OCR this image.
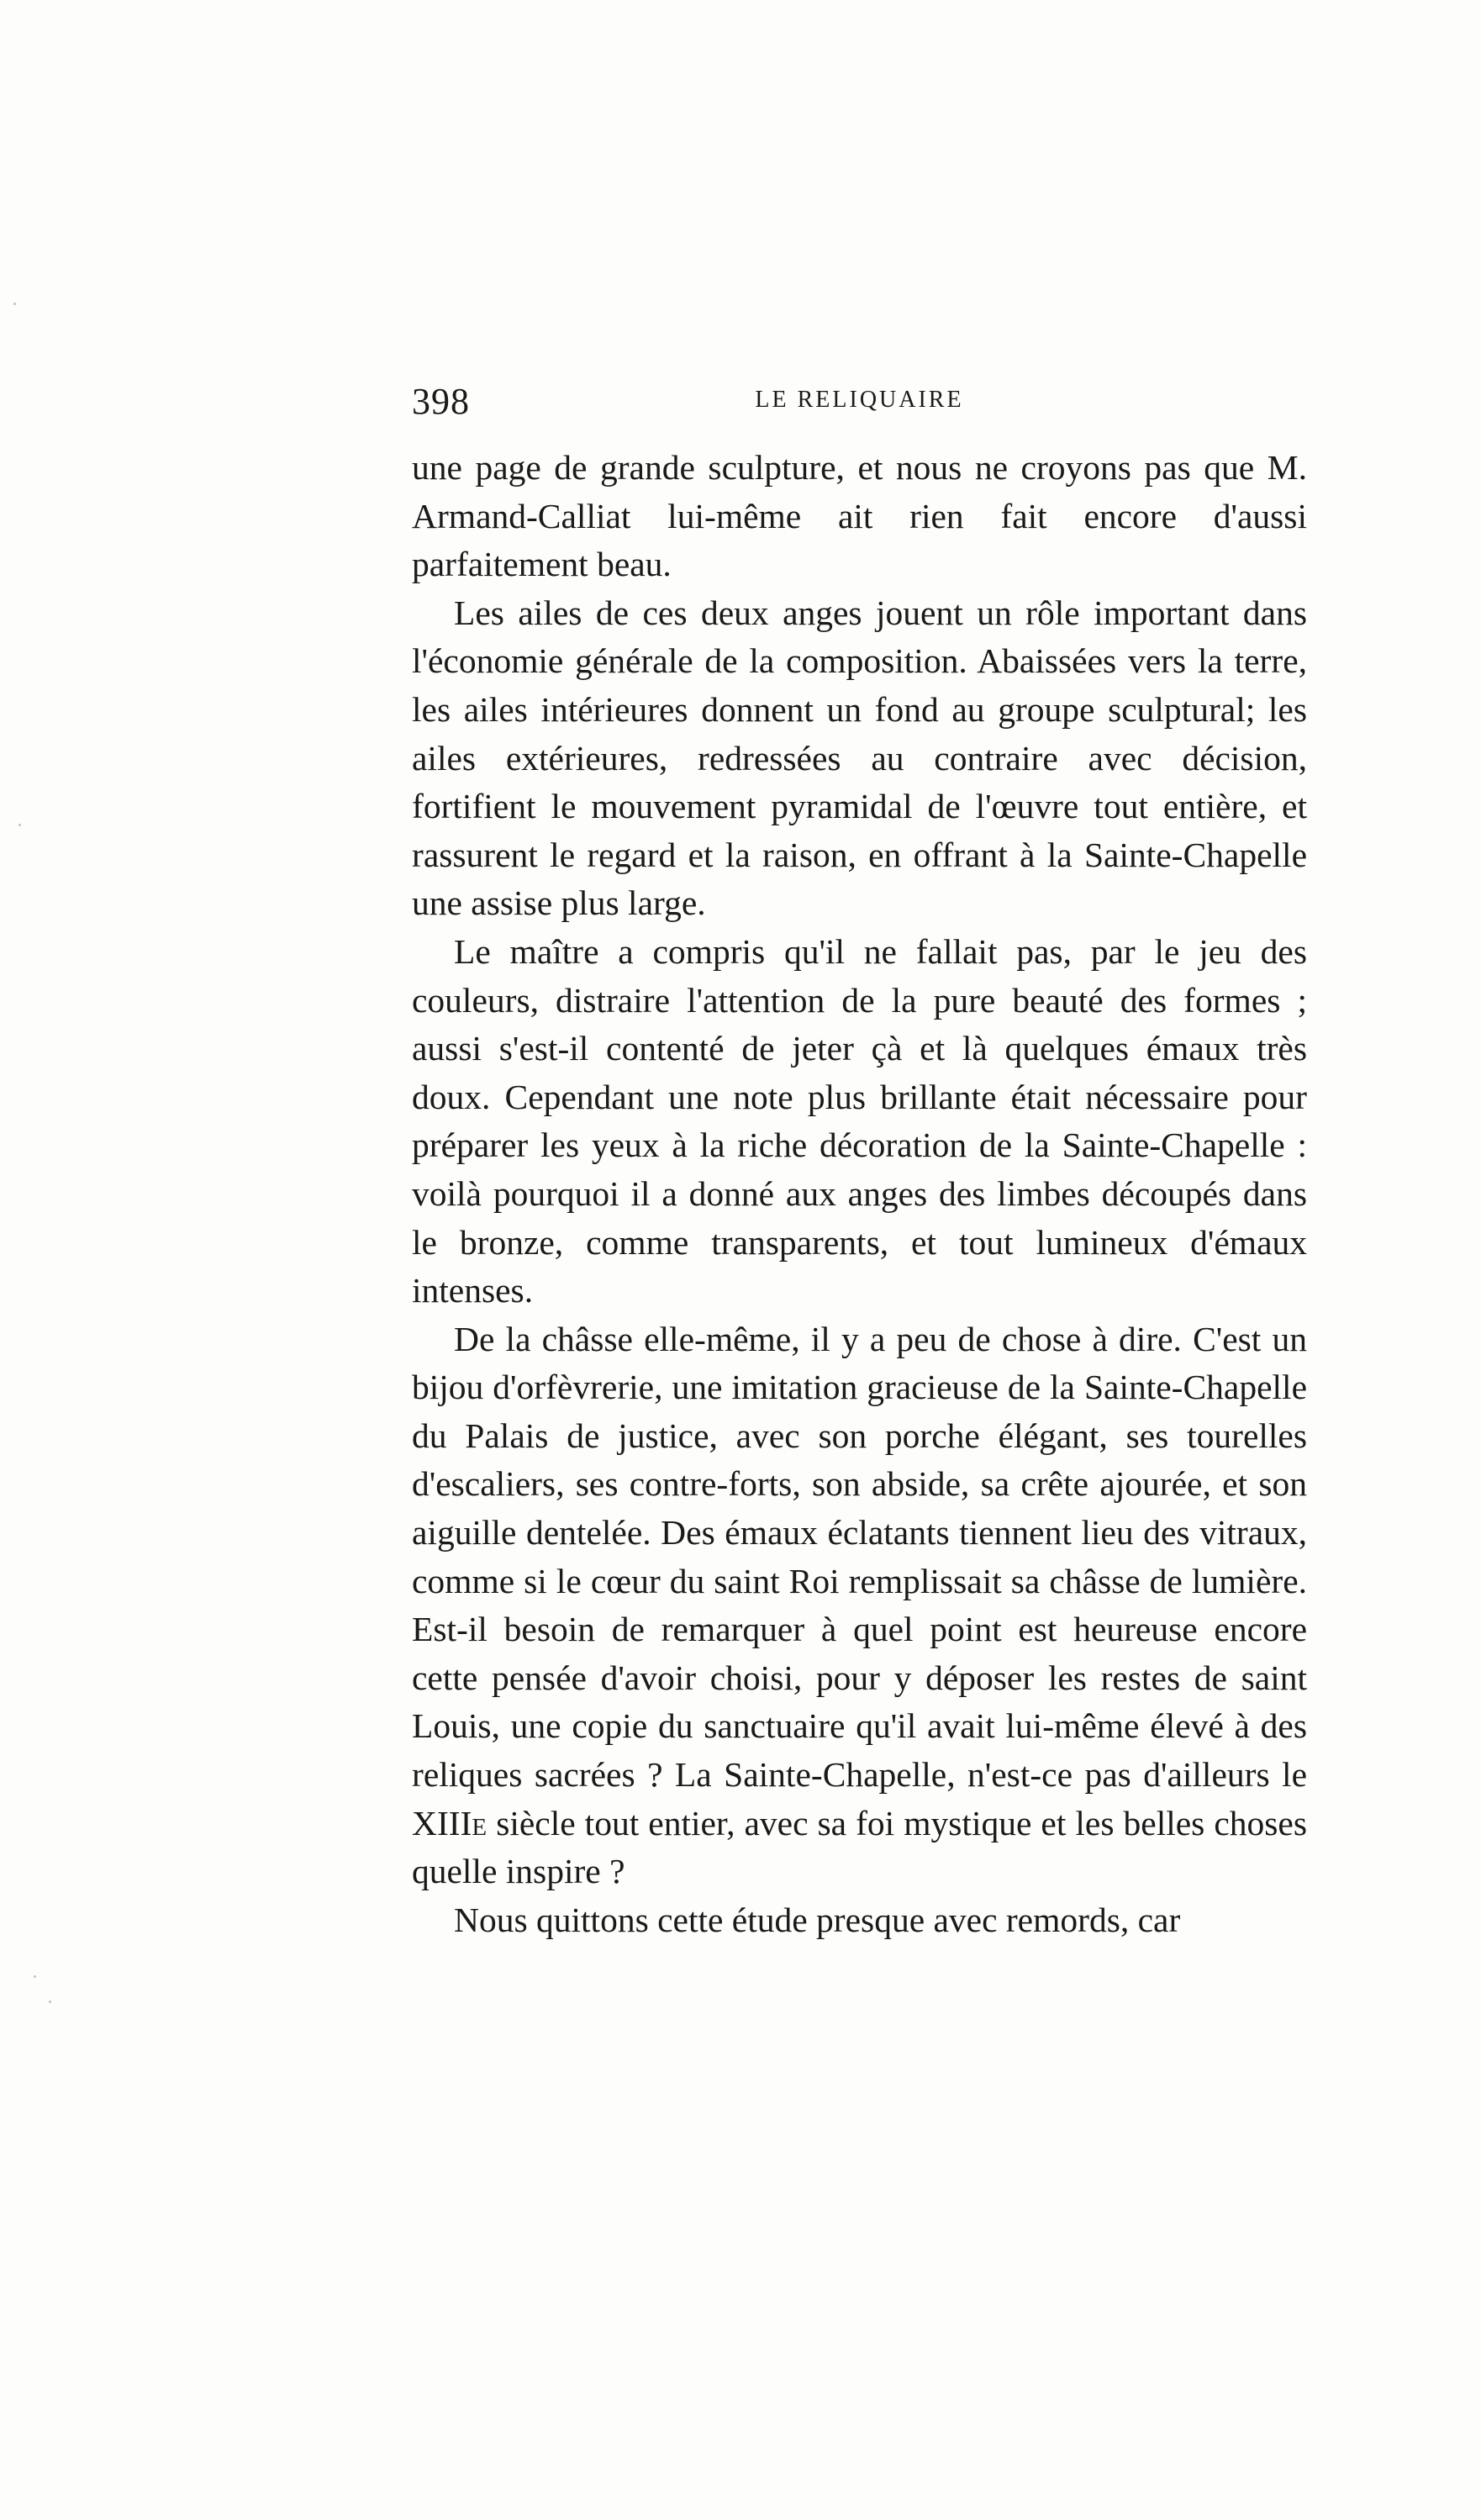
398	LE RELIQUAIRE

une page de grande sculpture, et nous ne croyons pas que M. Armand-Calliat lui-même ait rien fait encore d'aussi parfaitement beau.

Les ailes de ces deux anges jouent un rôle important dans l'économie générale de la composition. Abaissées vers la terre, les ailes intérieures donnent un fond au groupe sculptural; les ailes extérieures, redressées au contraire avec décision, fortifient le mouvement pyramidal de l'œuvre tout entière, et rassurent le regard et la raison, en offrant à la Sainte-Chapelle une assise plus large.

Le maître a compris qu'il ne fallait pas, par le jeu des couleurs, distraire l'attention de la pure beauté des formes ; aussi s'est-il contenté de jeter çà et là quelques émaux très doux. Cependant une note plus brillante était nécessaire pour préparer les yeux à la riche décoration de la Sainte-Chapelle : voilà pourquoi il a donné aux anges des limbes découpés dans le bronze, comme transparents, et tout lumineux d'émaux intenses.

De la châsse elle-même, il y a peu de chose à dire. C'est un bijou d'orfèvrerie, une imitation gracieuse de la Sainte-Chapelle du Palais de justice, avec son porche élégant, ses tourelles d'escaliers, ses contre-forts, son abside, sa crête ajourée, et son aiguille dentelée. Des émaux éclatants tiennent lieu des vitraux, comme si le cœur du saint Roi remplissait sa châsse de lumière. Est-il besoin de remarquer à quel point est heureuse encore cette pensée d'avoir choisi, pour y déposer les restes de saint Louis, une copie du sanctuaire qu'il avait lui-même élevé à des reliques sacrées ? La Sainte-Chapelle, n'est-ce pas d'ailleurs le XIIIe siècle tout entier, avec sa foi mystique et les belles choses quelle inspire ?

Nous quittons cette étude presque avec remords, car
